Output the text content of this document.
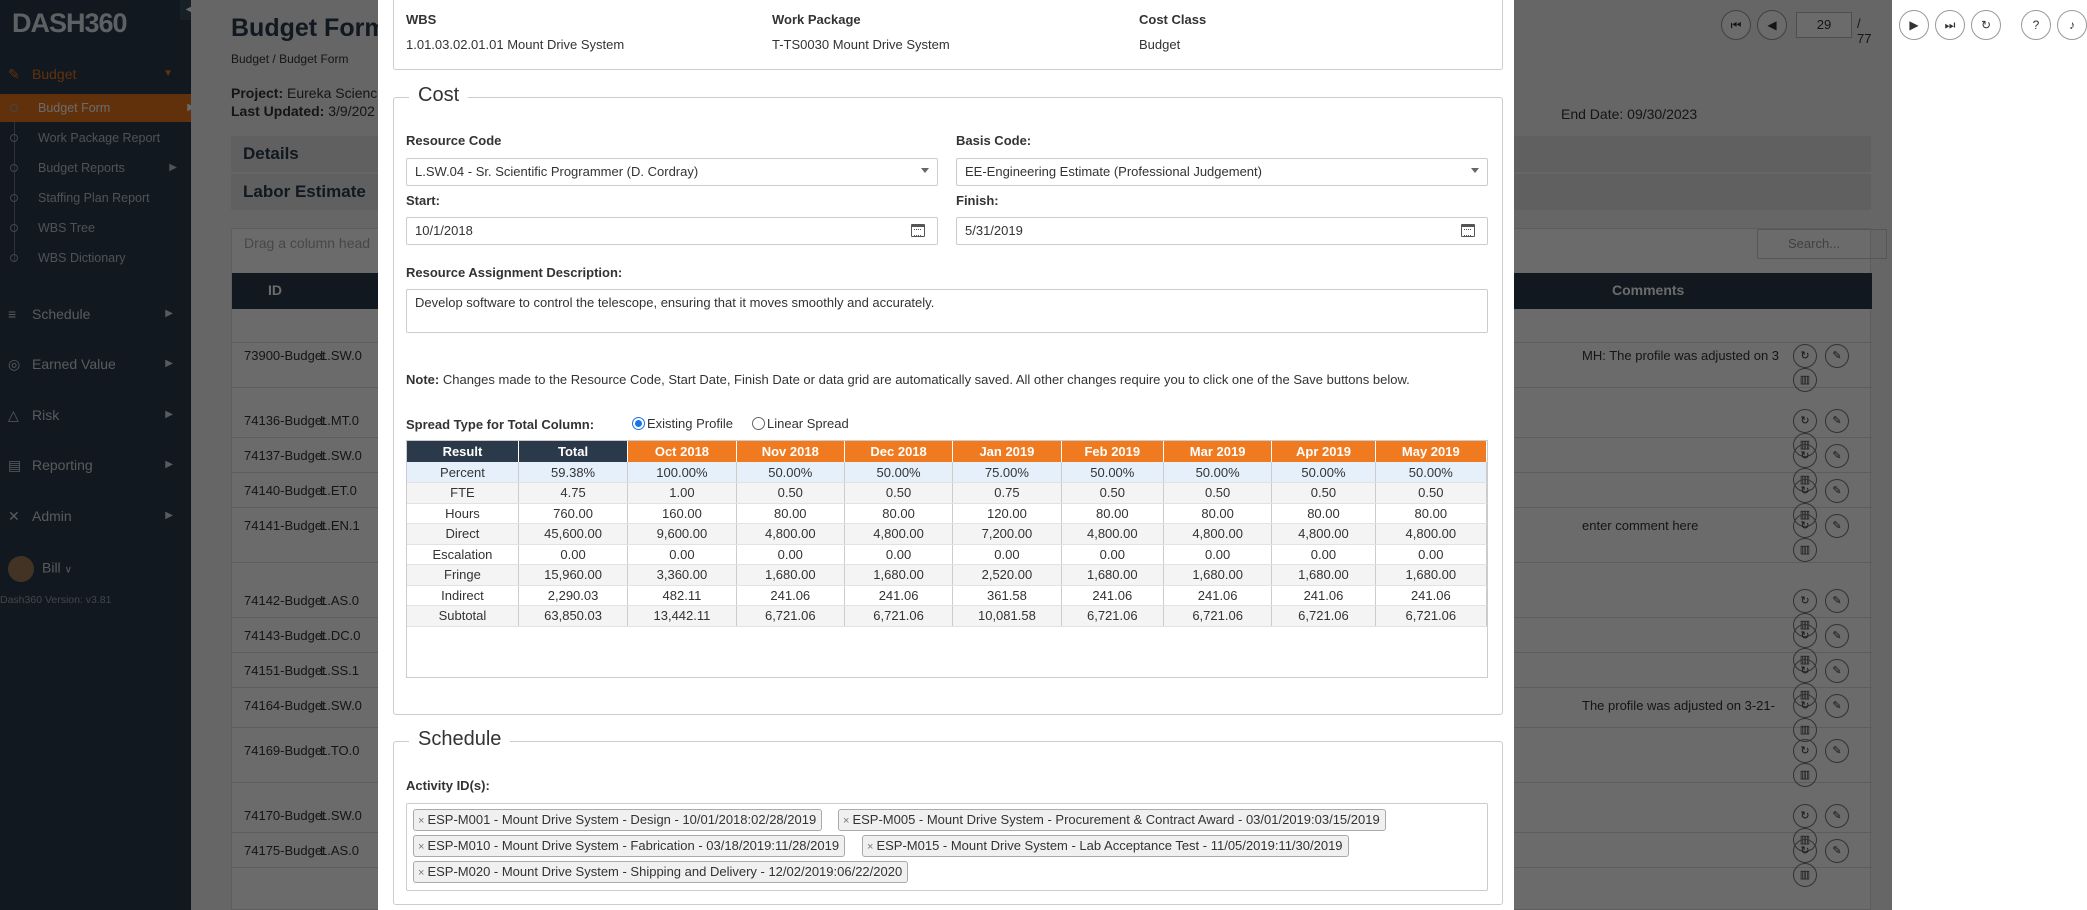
▶	⏭	↻	?	♪
WBS
1.01.03.02.01.01 Mount Drive System
Work Package
T-TS0030 Mount Drive System
Cost Class
Budget
Cost
Resource Code
L.SW.04 - Sr. Scientific Programmer (D. Cordray)
Basis Code:
EE-Engineering Estimate (Professional Judgement)
Start:
10/1/2018
Finish:
5/31/2019
Resource Assignment Description:
Develop software to control the telescope, ensuring that it moves smoothly and accurately.
Note: Changes made to the Resource Code, Start Date, Finish Date or data grid are automatically saved. All other changes require you to click one of the Save buttons below.
Spread Type for Total Column:	Existing Profile	Linear Spread
Result	Total	Oct 2018	Nov 2018	Dec 2018	Jan 2019	Feb 2019	Mar 2019	Apr 2019	May 2019
Percent	59.38%	100.00%	50.00%	50.00%	75.00%	50.00%	50.00%	50.00%	50.00%
FTE	4.75	1.00	0.50	0.50	0.75	0.50	0.50	0.50	0.50
Hours	760.00	160.00	80.00	80.00	120.00	80.00	80.00	80.00	80.00
Direct	45,600.00	9,600.00	4,800.00	4,800.00	7,200.00	4,800.00	4,800.00	4,800.00	4,800.00
Escalation	0.00	0.00	0.00	0.00	0.00	0.00	0.00	0.00	0.00
Fringe	15,960.00	3,360.00	1,680.00	1,680.00	2,520.00	1,680.00	1,680.00	1,680.00	1,680.00
Indirect	2,290.03	482.11	241.06	241.06	361.58	241.06	241.06	241.06	241.06
Subtotal	63,850.03	13,442.11	6,721.06	6,721.06	10,081.58	6,721.06	6,721.06	6,721.06	6,721.06
Schedule
Activity ID(s):
× ESP-M001 - Mount Drive System - Design - 10/01/2018:02/28/2019	× ESP-M005 - Mount Drive System - Procurement & Contract Award - 03/01/2019:03/15/2019
× ESP-M010 - Mount Drive System - Fabrication - 03/18/2019:11/28/2019	× ESP-M015 - Mount Drive System - Lab Acceptance Test - 11/05/2019:11/30/2019
× ESP-M020 - Mount Drive System - Shipping and Delivery - 12/02/2019:06/22/2020
